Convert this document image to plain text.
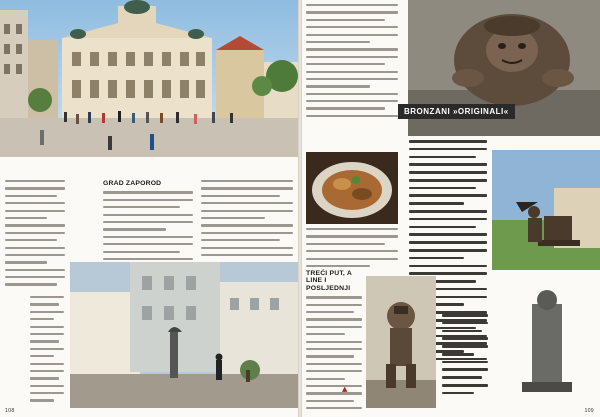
GRAD ZAPOROD
108
BRONZANI »ORIGINALI«
TREĆI PUT, A LINE I POSLJEDNJI
▲
109
